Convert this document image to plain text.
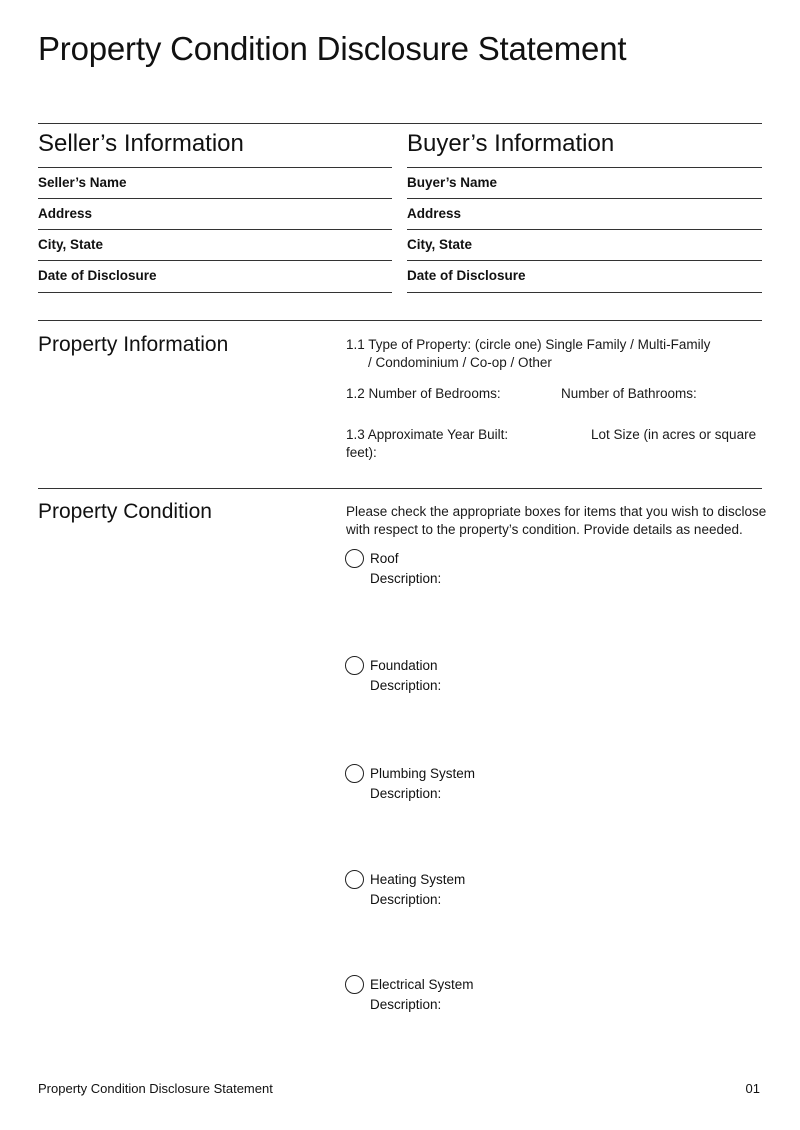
Property Condition Disclosure Statement
Seller’s Information
Seller’s Name
Address
City, State
Date of Disclosure
Buyer’s Information
Buyer’s Name
Address
City, State
Date of Disclosure
Property Information	1.1 Type of Property: (circle one) Single Family / Multi-Family
/ Condominium / Co-op / Other
1.2 Number of Bedrooms:	Number of Bathrooms:
1.3 Approximate Year Built:	Lot Size (in acres or square
feet):
Property Condition	Please check the appropriate boxes for items that you wish to disclose
with respect to the property’s condition. Provide details as needed.
Roof
Description:
Foundation
Description:
Plumbing System
Description:
Heating System
Description:
Electrical System
Description:
Property Condition Disclosure Statement	01
